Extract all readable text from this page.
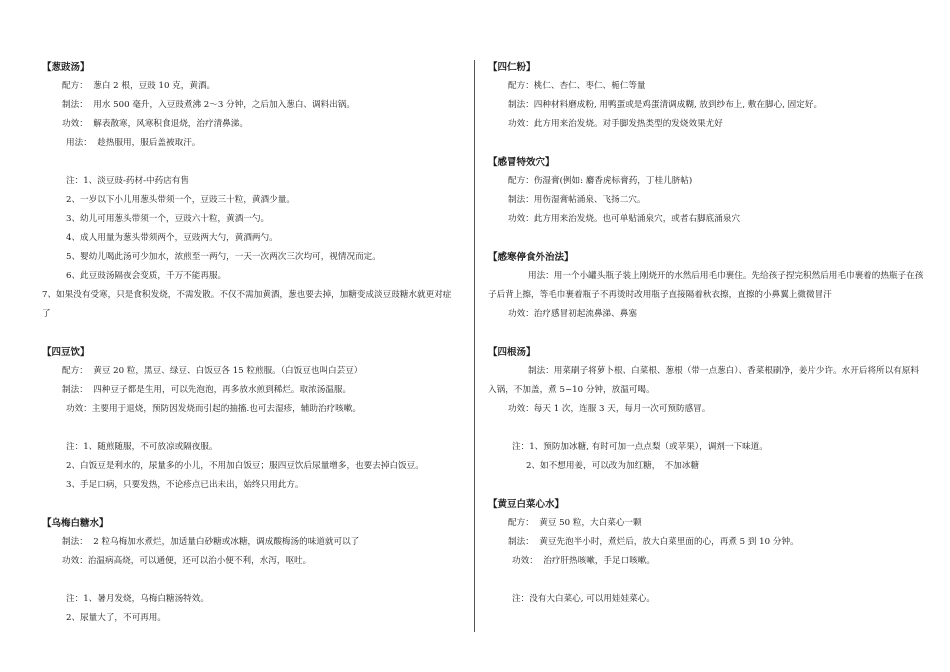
【葱豉汤】
配方： 葱白 2 根，豆豉 10 克，黄酒。
制法： 用水 500 毫升，入豆豉煮沸 2～3 分钟，之后加入葱白、调料出锅。
功效： 解表散寒，风寒积食退烧，治疗清鼻涕。
用法： 趁热服用，服后盖被取汗。
注：1、淡豆豉-药材-中药店有售
2、一岁以下小儿用葱头带须一个，豆豉三十粒，黄酒少量。
3、幼儿可用葱头带须一个，豆豉六十粒，黄酒一勺。
4、成人用量为葱头带须两个，豆豉两大勺，黄酒两勺。
5、婴幼儿喝此汤可少加水，浓煎至一两勺，一天一次两次三次均可，视情况而定。
6、此豆豉汤隔夜会变质，千万不能再服。
7、如果没有受寒，只是食积发烧，不需发散。不仅不需加黄酒，葱也要去掉，加糖变成淡豆豉糖水就更对症了
【四豆饮】
配方： 黄豆 20 粒，黑豆、绿豆、白饭豆各 15 粒煎服。（白饭豆也叫白芸豆）
制法： 四种豆子都是生用，可以先泡泡，再多放水煎到稀烂。取浓汤温服。
功效：主要用于退烧，预防因发烧而引起的抽搐.也可去湿疹，辅助治疗咳嗽。
注：1、随煎随服，不可放凉或隔夜服。
2、白饭豆是利水的，尿量多的小儿，不用加白饭豆；服四豆饮后尿量增多，也要去掉白饭豆。
3、手足口病，只要发热，不论疹点已出未出，始终只用此方。
【乌梅白糖水】
制法： 2 粒乌梅加水煮烂，加适量白砂糖或冰糖，调成酸梅汤的味道就可以了
功效：治温病高烧，可以通便，还可以治小便不利，水泻，呕吐。
注：1、暑月发烧，乌梅白糖汤特效。
2、尿量大了，不可再用。
【四仁粉】
配方：桃仁、杏仁、枣仁、栀仁等量
制法：四种材料磨成粉, 用鸭蛋或是鸡蛋清调成糊, 放到纱布上, 敷在脚心, 固定好。
功效：此方用来治发烧。对手脚发热类型的发烧效果尤好
【感冒特效穴】
配方：伤湿膏(例如: 麝香虎标膏药，丁桂儿脐帖)
制法：用伤湿膏帖涌泉、飞扬二穴。
功效：此方用来治发烧。也可单贴涌泉穴，或者右脚底涌泉穴
【感寒停食外治法】
用法：用一个小罐头瓶子装上刚烧开的水然后用毛巾裹住。先给孩子捏完积然后用毛巾裹着的热瓶子在孩子后背上擦，等毛巾裹着瓶子不再烫时改用瓶子直接隔着秋衣擦，直擦的小鼻翼上微微冒汗
功效：治疗感冒初起流鼻涕、鼻塞
【四根汤】
制法：用菜刷子将萝卜根、白菜根、葱根（带一点葱白）、香菜根刷净，姜片少许。水开后将所以有原料入锅，不加盖，煮 5~10 分钟，放温可喝。
功效：每天 1 次，连服 3 天，每月一次可预防感冒。
注：1、预防加冰糖, 有时可加一点点梨（或苹果），调剂一下味道。
2、如不想用姜，可以改为加红糖，　不加冰糖
【黄豆白菜心水】
配方： 黄豆 50 粒，大白菜心一颗
制法： 黄豆先泡半小时，煮烂后，放大白菜里面的心，再煮 5 到 10 分钟。
功效： 治疗肝热咳嗽，手足口咳嗽。
注：没有大白菜心, 可以用娃娃菜心。
